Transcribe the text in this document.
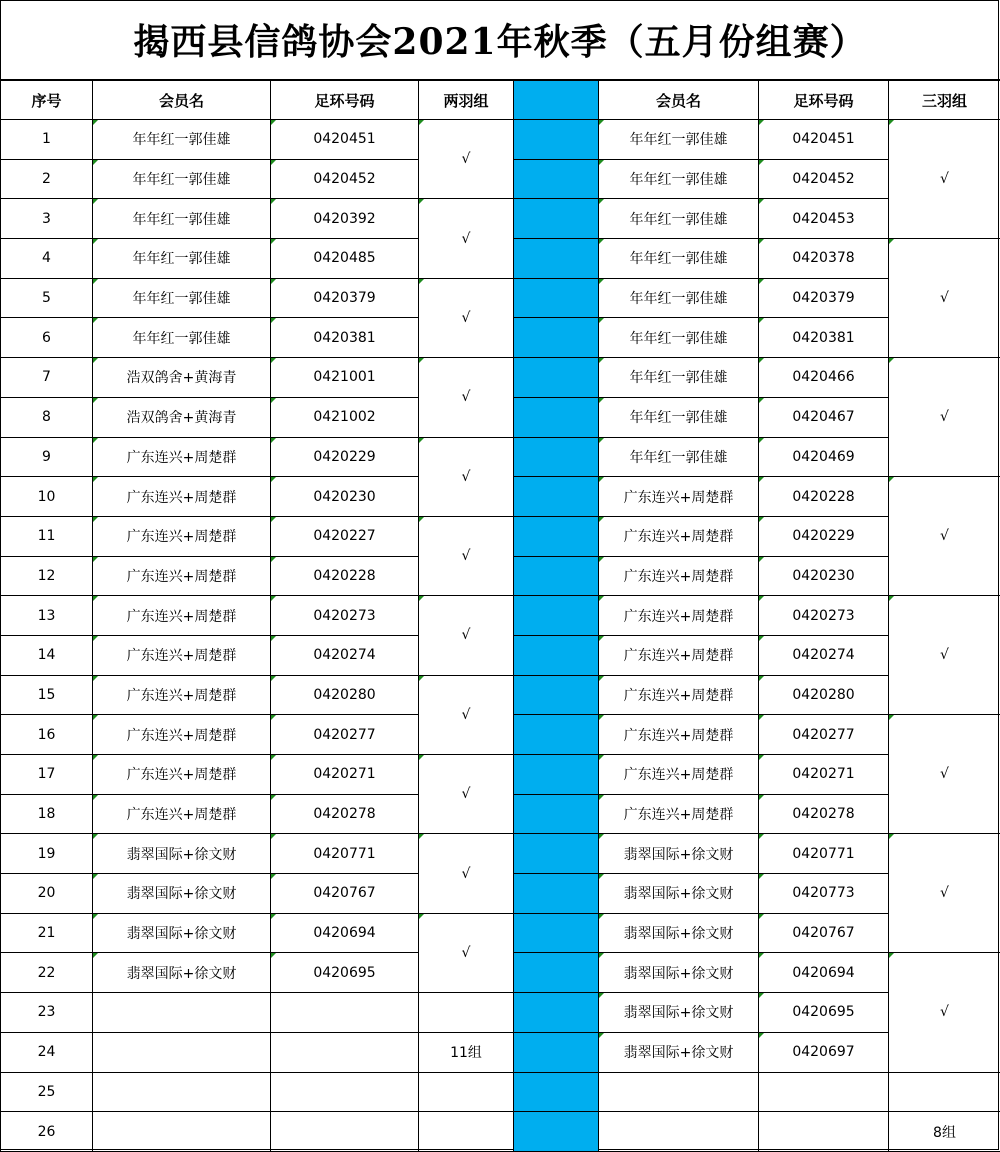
揭西县信鸽协会2021年秋季（五月份组赛）
序号	会员名	足环号码	两羽组		会员名	足环号码	三羽组
1	年年红一郭佳雄	0420451	√		年年红一郭佳雄	0420451	√
2	年年红一郭佳雄	0420452			年年红一郭佳雄	0420452	
3	年年红一郭佳雄	0420392	√		年年红一郭佳雄	0420453	
4	年年红一郭佳雄	0420485			年年红一郭佳雄	0420378	√
5	年年红一郭佳雄	0420379	√		年年红一郭佳雄	0420379	
6	年年红一郭佳雄	0420381			年年红一郭佳雄	0420381	
7	浩双鸽舍+黄海青	0421001	√		年年红一郭佳雄	0420466	√
8	浩双鸽舍+黄海青	0421002			年年红一郭佳雄	0420467	
9	广东连兴+周楚群	0420229	√		年年红一郭佳雄	0420469	
10	广东连兴+周楚群	0420230			广东连兴+周楚群	0420228	√
11	广东连兴+周楚群	0420227	√		广东连兴+周楚群	0420229	
12	广东连兴+周楚群	0420228			广东连兴+周楚群	0420230	
13	广东连兴+周楚群	0420273	√		广东连兴+周楚群	0420273	√
14	广东连兴+周楚群	0420274			广东连兴+周楚群	0420274	
15	广东连兴+周楚群	0420280	√		广东连兴+周楚群	0420280	
16	广东连兴+周楚群	0420277			广东连兴+周楚群	0420277	√
17	广东连兴+周楚群	0420271	√		广东连兴+周楚群	0420271	
18	广东连兴+周楚群	0420278			广东连兴+周楚群	0420278	
19	翡翠国际+徐文财	0420771	√		翡翠国际+徐文财	0420771	√
20	翡翠国际+徐文财	0420767			翡翠国际+徐文财	0420773	
21	翡翠国际+徐文财	0420694	√		翡翠国际+徐文财	0420767	
22	翡翠国际+徐文财	0420695			翡翠国际+徐文财	0420694	√
23					翡翠国际+徐文财	0420695	
24			11组		翡翠国际+徐文财	0420697	
25							
26							8组
